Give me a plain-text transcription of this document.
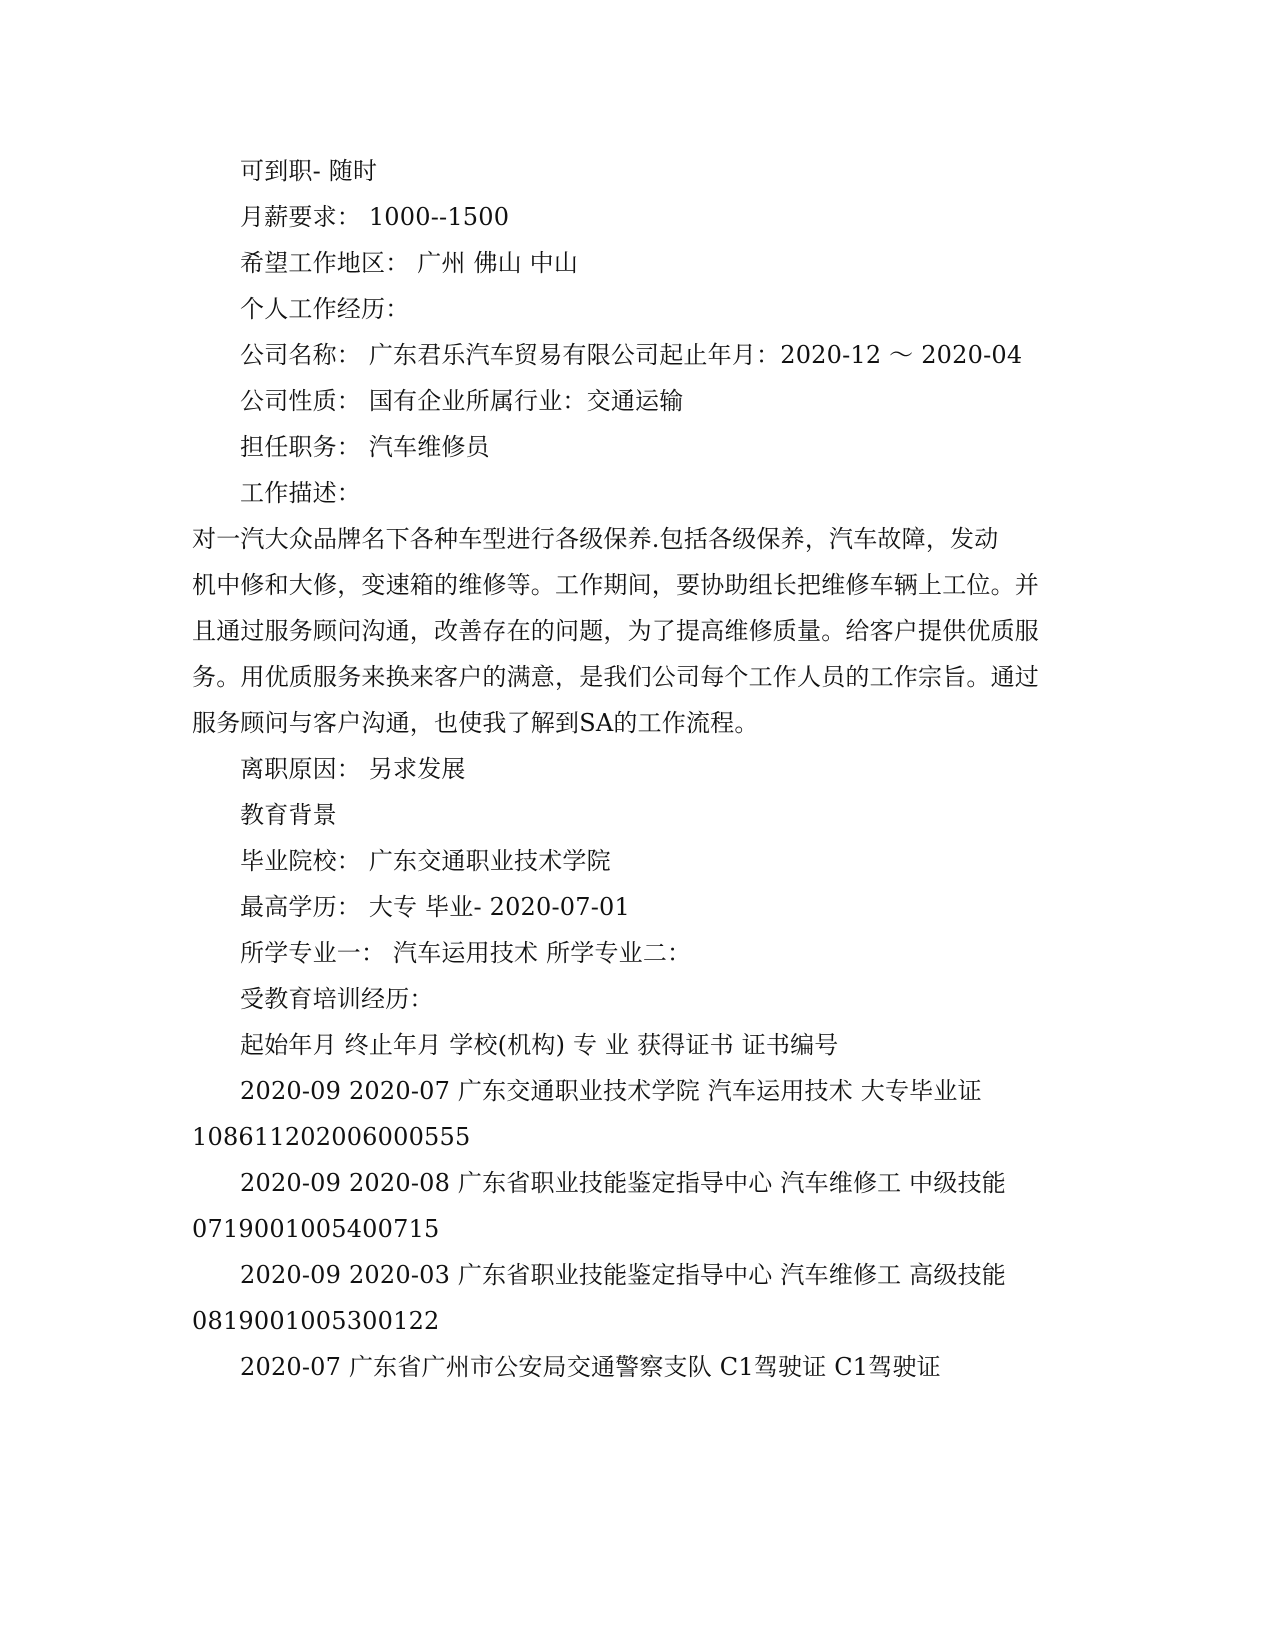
可到职- 随时
月薪要求： 1000--1500
希望工作地区： 广州 佛山 中山
个人工作经历：
公司名称： 广东君乐汽车贸易有限公司起止年月：2020-12 ～ 2020-04
公司性质： 国有企业所属行业：交通运输
担任职务： 汽车维修员
工作描述：
对一汽大众品牌名下各种车型进行各级保养.包括各级保养，汽车故障，发动
机中修和大修，变速箱的维修等。工作期间，要协助组长把维修车辆上工位。并
且通过服务顾问沟通，改善存在的问题，为了提高维修质量。给客户提供优质服
务。用优质服务来换来客户的满意，是我们公司每个工作人员的工作宗旨。通过
服务顾问与客户沟通，也使我了解到SA的工作流程。
离职原因： 另求发展
教育背景
毕业院校： 广东交通职业技术学院
最高学历： 大专 毕业- 2020-07-01
所学专业一： 汽车运用技术 所学专业二：
受教育培训经历：
起始年月 终止年月 学校(机构) 专 业 获得证书 证书编号
2020-09 2020-07 广东交通职业技术学院 汽车运用技术 大专毕业证
108611202006000555
2020-09 2020-08 广东省职业技能鉴定指导中心 汽车维修工 中级技能
0719001005400715
2020-09 2020-03 广东省职业技能鉴定指导中心 汽车维修工 高级技能
0819001005300122
2020-07 广东省广州市公安局交通警察支队 C1驾驶证 C1驾驶证
